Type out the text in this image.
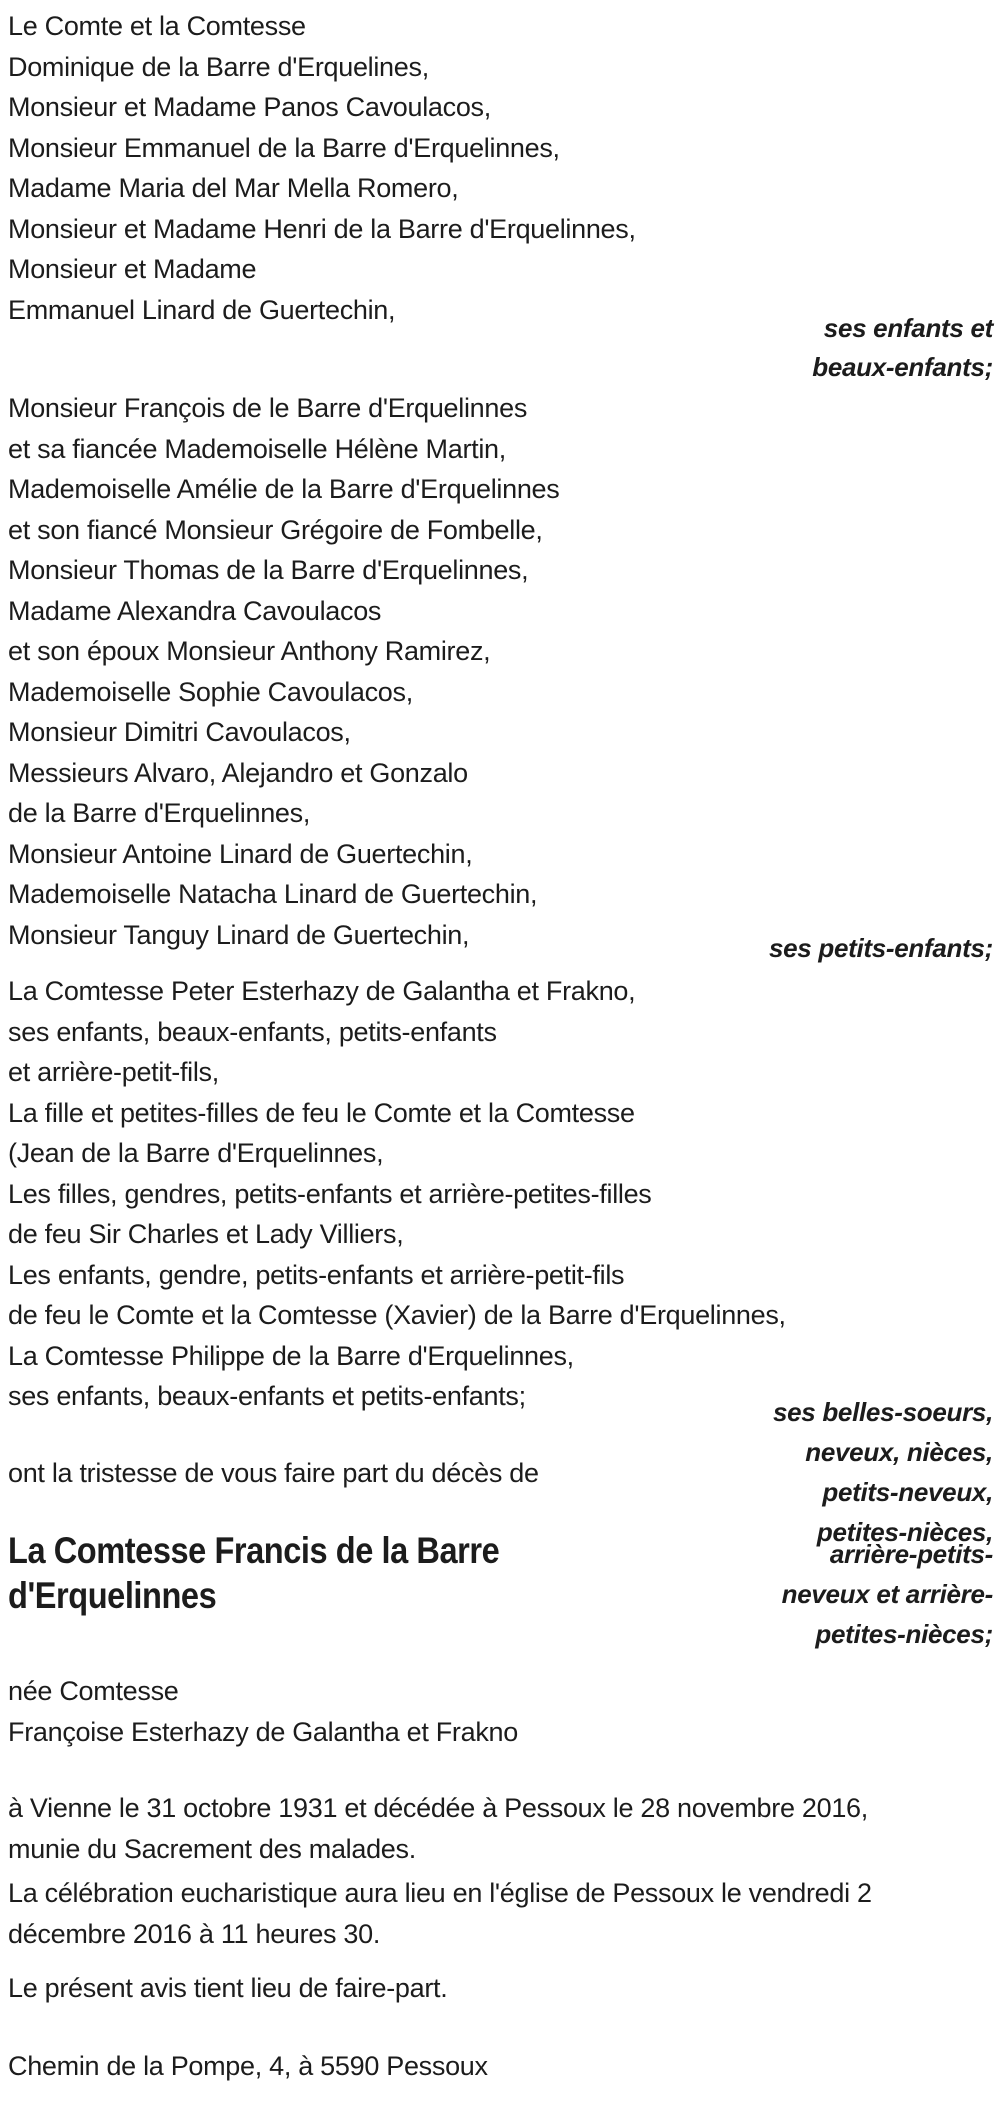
Le Comte et la Comtesse
Dominique de la Barre d'Erquelines,
Monsieur et Madame Panos Cavoulacos,
Monsieur Emmanuel de la Barre d'Erquelinnes,
Madame Maria del Mar Mella Romero,
Monsieur et Madame Henri de la Barre d'Erquelinnes,
Monsieur et Madame
Emmanuel Linard de Guertechin,
ses enfants et
beaux-enfants;
Monsieur François de le Barre d'Erquelinnes
et sa fiancée Mademoiselle Hélène Martin,
Mademoiselle Amélie de la Barre d'Erquelinnes
et son fiancé Monsieur Grégoire de Fombelle,
Monsieur Thomas de la Barre d'Erquelinnes,
Madame Alexandra Cavoulacos
et son époux Monsieur Anthony Ramirez,
Mademoiselle Sophie Cavoulacos,
Monsieur Dimitri Cavoulacos,
Messieurs Alvaro, Alejandro et Gonzalo
de la Barre d'Erquelinnes,
Monsieur Antoine Linard de Guertechin,
Mademoiselle Natacha Linard de Guertechin,
Monsieur Tanguy Linard de Guertechin,	ses petits-enfants;
La Comtesse Peter Esterhazy de Galantha et Frakno,
ses enfants, beaux-enfants, petits-enfants
et arrière-petit-fils,
La fille et petites-filles de feu le Comte et la Comtesse
(Jean de la Barre d'Erquelinnes,
Les filles, gendres, petits-enfants et arrière-petites-filles
de feu Sir Charles et Lady Villiers,
Les enfants, gendre, petits-enfants et arrière-petit-fils
de feu le Comte et la Comtesse (Xavier) de la Barre d'Erquelinnes,
La Comtesse Philippe de la Barre d'Erquelinnes,
ses enfants, beaux-enfants et petits-enfants;
ses belles-soeurs,
neveux, nièces,
petits-neveux,
petites-nièces,
arrière-petits-
neveux et arrière-
petites-nièces;
ont la tristesse de vous faire part du décès de
La Comtesse Francis de la Barre
d'Erquelinnes
née Comtesse
Françoise Esterhazy de Galantha et Frakno
à Vienne le 31 octobre 1931 et décédée à Pessoux le 28 novembre 2016,
munie du Sacrement des malades.
La célébration eucharistique aura lieu en l'église de Pessoux le vendredi 2
décembre 2016 à 11 heures 30.
Le présent avis tient lieu de faire-part.
Chemin de la Pompe, 4, à 5590 Pessoux
